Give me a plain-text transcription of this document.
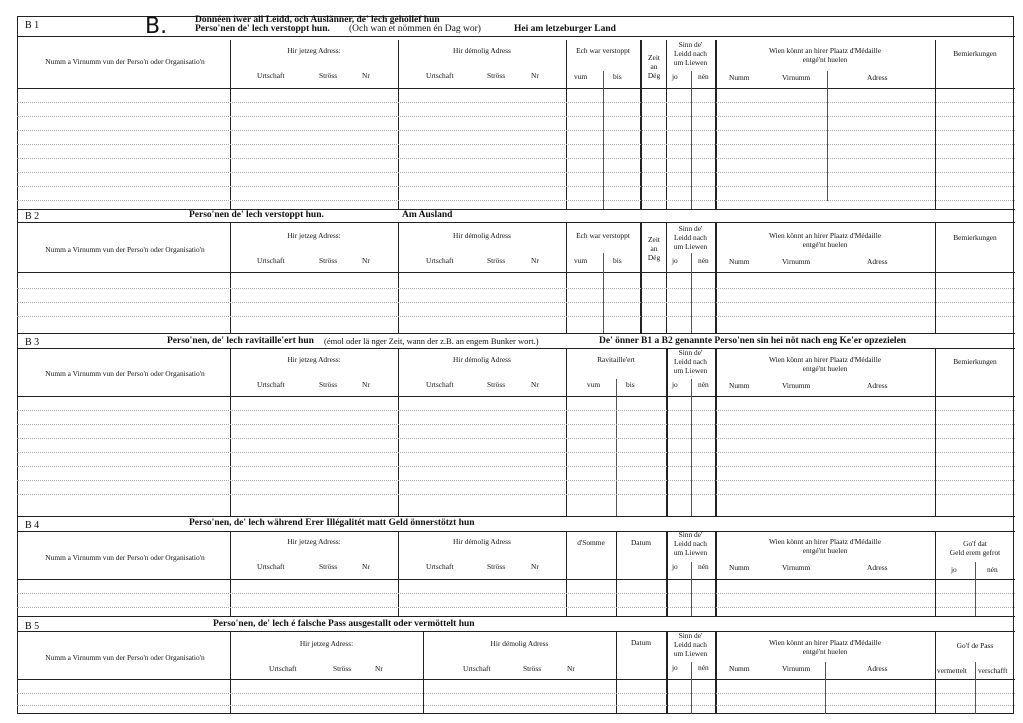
B.
B 1	Donnéen iwer all Leidd, och Auslänner, de' lech gehollef hun
Perso'nen de' lech verstoppt hun. (Och wan et nömmen én Dag wor)	Hei am letzeburger Land
Numm a Virnumm vun der Perso'n oder Organisatio'n
Hir jetzeg Adress:
Urtschaft	Ströss	Nr
Hir démolig Adress
Urtschaft	Ströss	Nr
Ech war verstoppt
vum	bis
Zeit
an
Dég
Sinn de'
Leidd nach
um Liewen
jo	nén
Wien könnt an hirer Plaatz d'Médaille
entgé'nt huelen
Numm	Virnumm	Adress
Bemierkungen
B 2	Perso'nen de' lech verstoppt hun.	Am Ausland
Numm a Virnumm vun der Perso'n oder Organisatio'n
Hir jetzeg Adress:
Urtschaft	Ströss	Nr
Hir démolig Adress
Urtschaft	Ströss	Nr
Ech war verstoppt
vum	bis
Zeit
an
Dég
Sinn de'
Leidd nach
um Liewen
jo	nén
Wien könnt an hirer Plaatz d'Médaille
entgé'nt huelen
Numm	Virnumm	Adress
Bemierkungen
B 3	Perso'nen, de' lech ravitaille'ert hun (émol oder lä nger Zeit, wann der z.B. an engem Bunker wort.)	De' önner B1 a B2 genannte Perso'nen sin hei nöt nach eng Ke'er opzezielen
Numm a Virnumm vun der Perso'n oder Organisatio'n
Hir jetzeg Adress:
Urtschaft	Ströss	Nr
Hir démolig Adress
Urtschaft	Ströss	Nr
Ravitaille'ert
vum	bis
Sinn de'
Leidd nach
um Liewen
jo	nén
Wien könnt an hirer Plaatz d'Médaille
entgé'nt huelen
Numm	Virnumm	Adress
Bemierkungen
B 4	Perso'nen, de' lech während Erer Illégalitét matt Geld önnerstötzt hun
Numm a Virnumm vun der Perso'n oder Organisatio'n
Hir jetzeg Adress:
Urtschaft	Ströss	Nr
Hir démolig Adress
Urtschaft	Ströss	Nr
d'Somme	Datum
Sinn de'
Leidd nach
um Liewen
jo	nén
Wien könnt an hirer Plaatz d'Médaille
entgé'nt huelen
Numm	Virnumm	Adress
Go'f dat
Geld erem gefrot
jo	nén
B 5	Perso'nen, de' lech é falsche Pass ausgestallt oder vermöttelt hun
Numm a Virnumm vun der Perso'n oder Organisatio'n
Hir jetzeg Adress:
Urtschaft	Ströss	Nr
Hir démolig Adress
Urtschaft	Ströss	Nr
Datum
Sinn de'
Leidd nach
um Liewen
jo	nén
Wien könnt an hirer Plaatz d'Médaille
entgé'nt huelen
Numm	Virnumm	Adress
Go'f de Pass
vermettelt verschafft
